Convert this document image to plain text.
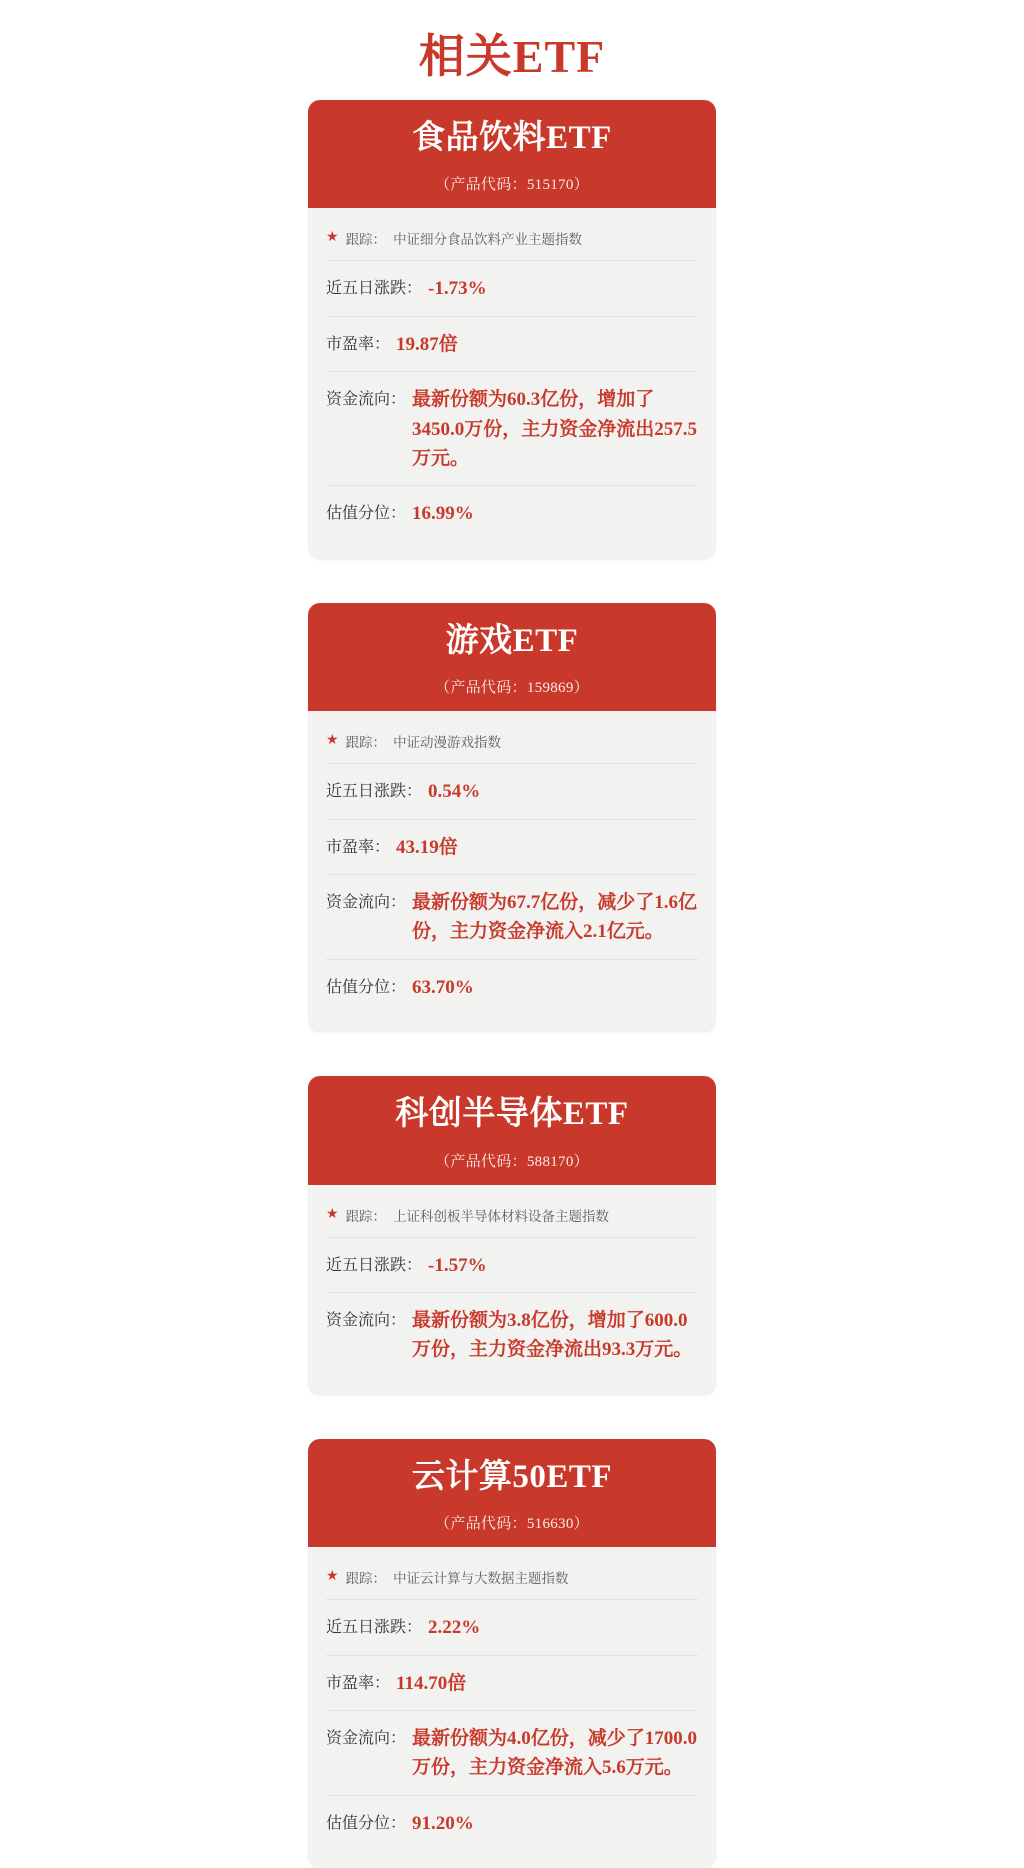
相关ETF
食品饮料ETF
（产品代码：515170）
★ 跟踪： 中证细分食品饮料产业主题指数
近五日涨跌： -1.73%
市盈率： 19.87倍
资金流向： 最新份额为60.3亿份，增加了3450.0万份，主力资金净流出257.5万元。
估值分位： 16.99%
游戏ETF
（产品代码：159869）
★ 跟踪： 中证动漫游戏指数
近五日涨跌： 0.54%
市盈率： 43.19倍
资金流向： 最新份额为67.7亿份，减少了1.6亿份，主力资金净流入2.1亿元。
估值分位： 63.70%
科创半导体ETF
（产品代码：588170）
★ 跟踪： 上证科创板半导体材料设备主题指数
近五日涨跌： -1.57%
资金流向： 最新份额为3.8亿份，增加了600.0万份，主力资金净流出93.3万元。
云计算50ETF
（产品代码：516630）
★ 跟踪： 中证云计算与大数据主题指数
近五日涨跌： 2.22%
市盈率： 114.70倍
资金流向： 最新份额为4.0亿份，减少了1700.0万份，主力资金净流入5.6万元。
估值分位： 91.20%
